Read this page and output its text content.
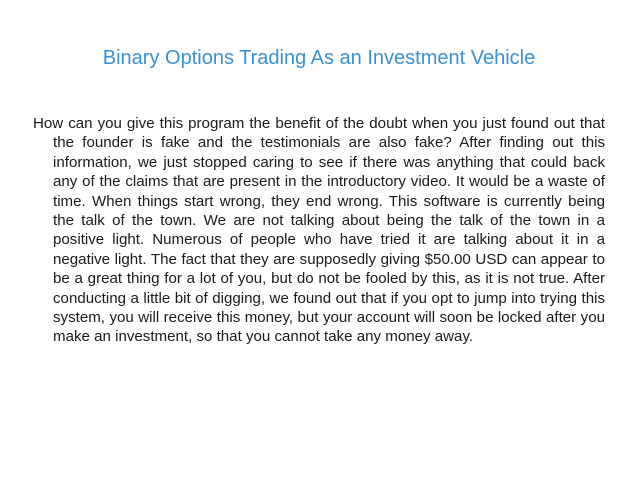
Binary Options Trading As an Investment Vehicle

How can you give this program the benefit of the doubt when you just found out that the founder is fake and the testimonials are also fake? After finding out this information, we just stopped caring to see if there was anything that could back any of the claims that are present in the introductory video. It would be a waste of time. When things start wrong, they end wrong. This software is currently being the talk of the town. We are not talking about being the talk of the town in a positive light. Numerous of people who have tried it are talking about it in a negative light. The fact that they are supposedly giving $50.00 USD can appear to be a great thing for a lot of you, but do not be fooled by this, as it is not true. After conducting a little bit of digging, we found out that if you opt to jump into trying this system, you will receive this money, but your account will soon be locked after you make an investment, so that you cannot take any money away.
